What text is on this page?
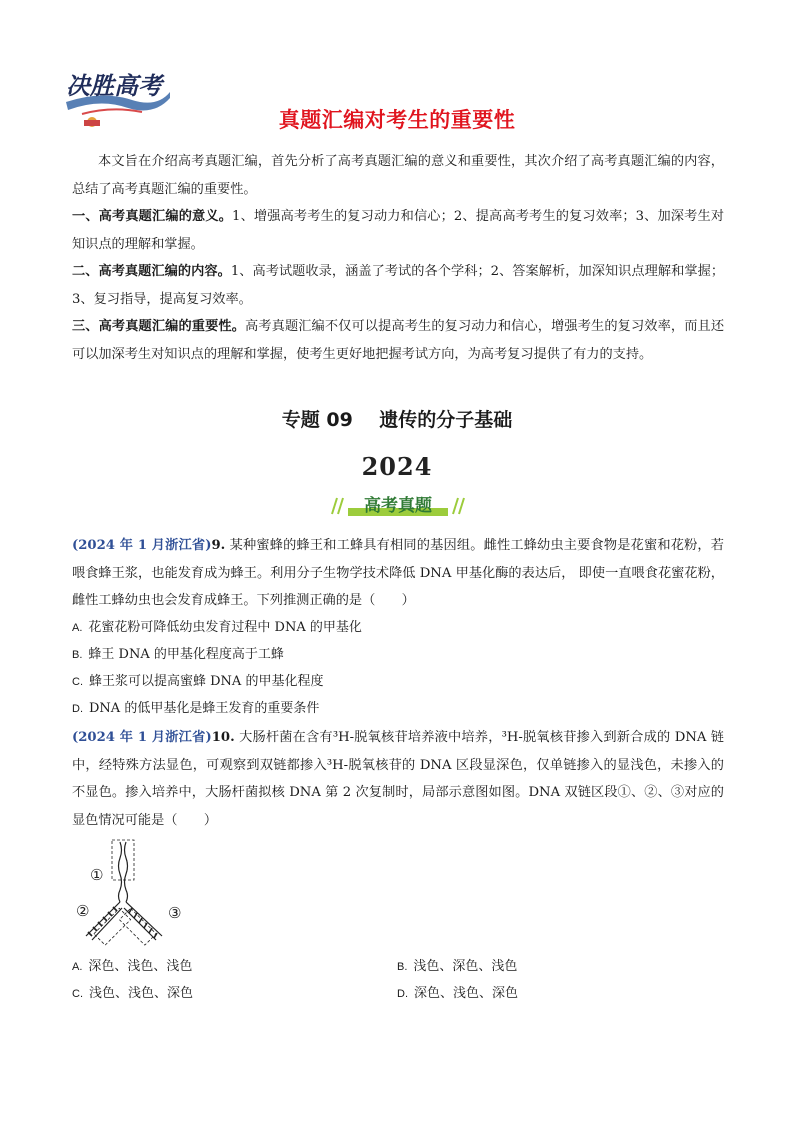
决胜高考
真题汇编对考生的重要性
本文旨在介绍高考真题汇编，首先分析了高考真题汇编的意义和重要性，其次介绍了高考真题汇编的内容，总结了高考真题汇编的重要性。
一、高考真题汇编的意义。1、增强高考考生的复习动力和信心；2、提高高考考生的复习效率；3、加深考生对知识点的理解和掌握。
二、高考真题汇编的内容。1、高考试题收录，涵盖了考试的各个学科；2、答案解析，加深知识点理解和掌握；3、复习指导，提高复习效率。
三、高考真题汇编的重要性。高考真题汇编不仅可以提高考生的复习动力和信心，增强考生的复习效率，而且还可以加深考生对知识点的理解和掌握，使考生更好地把握考试方向，为高考复习提供了有力的支持。
专题 09    遗传的分子基础
2024
高考真题
(2024 年 1 月浙江省)9. 某种蜜蜂的蜂王和工蜂具有相同的基因组。雌性工蜂幼虫主要食物是花蜜和花粉，若喂食蜂王浆，也能发育成为蜂王。利用分子生物学技术降低 DNA 甲基化酶的表达后， 即使一直喂食花蜜花粉，雌性工蜂幼虫也会发育成蜂王。下列推测正确的是（　　）
A. 花蜜花粉可降低幼虫发育过程中 DNA 的甲基化
B. 蜂王 DNA 的甲基化程度高于工蜂
C. 蜂王浆可以提高蜜蜂 DNA 的甲基化程度
D. DNA 的低甲基化是蜂王发育的重要条件
(2024 年 1 月浙江省)10. 大肠杆菌在含有³H-脱氧核苷培养液中培养，³H-脱氧核苷掺入到新合成的 DNA 链中，经特殊方法显色，可观察到双链都掺入³H-脱氧核苷的 DNA 区段显深色，仅单链掺入的显浅色，未掺入的不显色。掺入培养中，大肠杆菌拟核 DNA 第 2 次复制时，局部示意图如图。DNA 双链区段①、②、③对应的显色情况可能是（　　）
①
②	③
A. 深色、浅色、浅色	B. 浅色、深色、浅色
C. 浅色、浅色、深色	D. 深色、浅色、深色
